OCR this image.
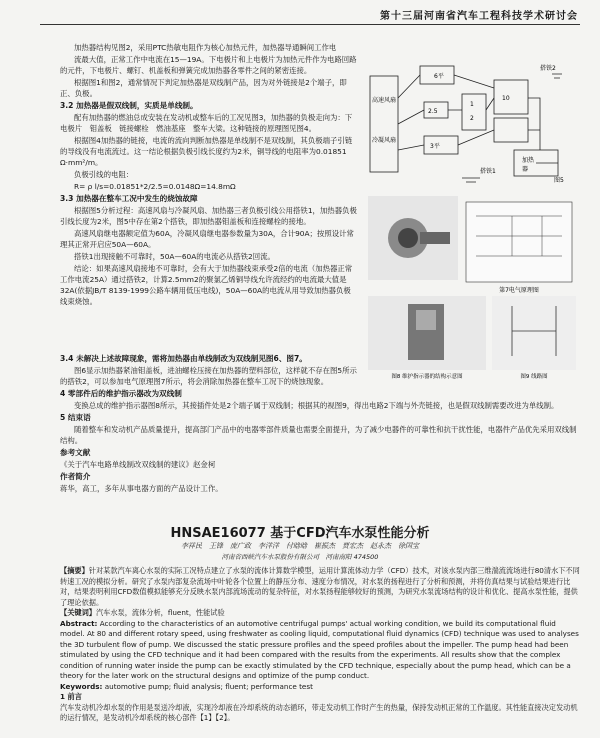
第十三届河南省汽车工程科技学术研讨会

加热器结构见图2，采用PTC热敏电阻作为核心加热元件，加热器导通瞬间工作电

流最大值，正常工作中电流在15—19A。下电极片和上电极片为加热元件作为电路回路的元件，下电极片、螺钉、机盖板和弹簧完成加热器各零件之间的紧密连接。

根据图1和图2，通常情况下判定加热器是双线制产品，因为对外链接是2个端子，即正、负极。

3.2 加热器是假双线制，实质是单线制。

配有加热器的燃油总成安装在发动机或整车后的工况见图3，加热器的负极走向为：下电极片　钼盖板　链接螺栓　燃油基座　整车大梁。这种链接的原理图见图4。

根据图4加热器的链接，电流的流向判断加热器是单线制不是双线制，其负极端子引链的导线没有电流流过。这一结论根据负极引线长度约为2米，铜导线的电阻率为0.01851 Ω·mm²/m。

负极引线的电阻：

R= ρ l/s=0.01851*2/2.5=0.0148Ω=14.8mΩ

3.3 加热器在整车工况中发生的烧蚀故障

根据图5分析过程：高速风扇与冷凝风扇、加热器三者负极引线公用搭铁1，加热器负极引线长度为2米，图5中存在第2个搭铁，即加热器钼盖板和连接螺栓的接地。

高速风扇继电器额定值为60A，冷凝风扇继电器参数量为30A，合计90A；按照设计常理其正常开启应50A—60A。

搭铁1出现接触不可靠时，50A—60A的电流必从搭铁2回流。

结论：如果高速风扇接地不可靠时，会有大于加热器线束承受2倍的电流（加热器正常工作电流25A）通过搭铁2，计算2.5mm2的聚氯乙烯铜导线允许流经约的电流最大值是32A(依据JB/T 8139-1999公路车辆用低压电线)，50A—60A的电流从用导致加热器负极线束烧蚀。

6平
2.5
3平
1
2
10
高速风扇
冷凝风扇
加热
器
搭铁1
搭铁2
图5
第7电气原理图
图8 维护指示器的结构示意图	图9 线路图
3.4 未解决上述故障现象，需将加热器由单线制改为双线制见图6、图7。

图6显示加热器紧油钼盖板，进油螺栓压接在加热器的塑料部位，这样就不存在图5所示的搭铁2，可以参加电气原理图7所示，将会消除加热器在整车工况下的烧蚀现象。

4 零部件后的维护指示器改为双线制

变换总成的维护指示器图8所示，其接插件处是2个端子属于双线制；根据其的视图9，得出电路2下端与外壳链接，也是假双线制需要改进为单线制。

5 结束语

随着整车和发动机产品质量提升，提高部门产品中的电器零部件质量也需要全面提升，为了减少电器件的可靠性和抗干扰性能，电器件产品优先采用双线制结构。

参考文献

《关于汽车电路单线制改双线制的建议》赵金柯

作者简介

蒋华，高工，多年从事电器方面的产品设计工作。

HNSAE16077 基于CFD汽车水泵性能分析
李祥民　王锋　庞广政　李洋洋　付晗晗　崔振杰　贾宏杰　赵永杰　徐国宝
河南省西峡汽车水泵股份有限公司　河南南阳 474500

【摘要】针对某款汽车离心水泵的实际工况特点建立了水泵的流体计算数学模型，运用计算流体动力学（CFD）技术，对该水泵内部三维湍流流场进行80清水下不同转速工况的模拟分析。研究了水泵内部复杂流场中叶轮各个位置上的静压分布、速度分布情况，对水泵的扬程进行了分析和预测，并将仿真结果与试验结果进行比对，结果表明利用CFD数值模拟能够充分反映水泵内部流场流动的复杂特征，对水泵扬程能够较好的预测，为研究水泵流场结构的设计和优化、提高水泵性能，提供了理论依据。

【关键词】汽车水泵，流体分析，fluent，性能试验

Abstract: According to the characteristics of an automotive centrifugal pumps' actual working condition, we build its computational fluid model. At 80 and different rotary speed, using freshwater as cooling liquid, computational fluid dynamics (CFD) technique was used to analyses the 3D turbulent flow of pump. We discussed the static pressure profiles and the speed profiles about the impeller. The pump head had been stimulated by using the CFD technique and it had been compared with the results from the experiments. All results show that the complex condition of running water inside the pump can be exactly stimulated by the CFD technique, especially about the pump head, which can be a theory for the later work on the structural designs and optimize of the pump conduct.

Keywords: automotive pump; fluid analysis; fluent; performance test

1 前言

汽车发动机冷却水泵的作用是泵送冷却液，实现冷却液在冷却系统的动态循环，带走发动机工作时产生的热量，保持发动机正常的工作温度。其性能直接决定发动机的运行情况，是发动机冷却系统的核心部件【1】【2】。
